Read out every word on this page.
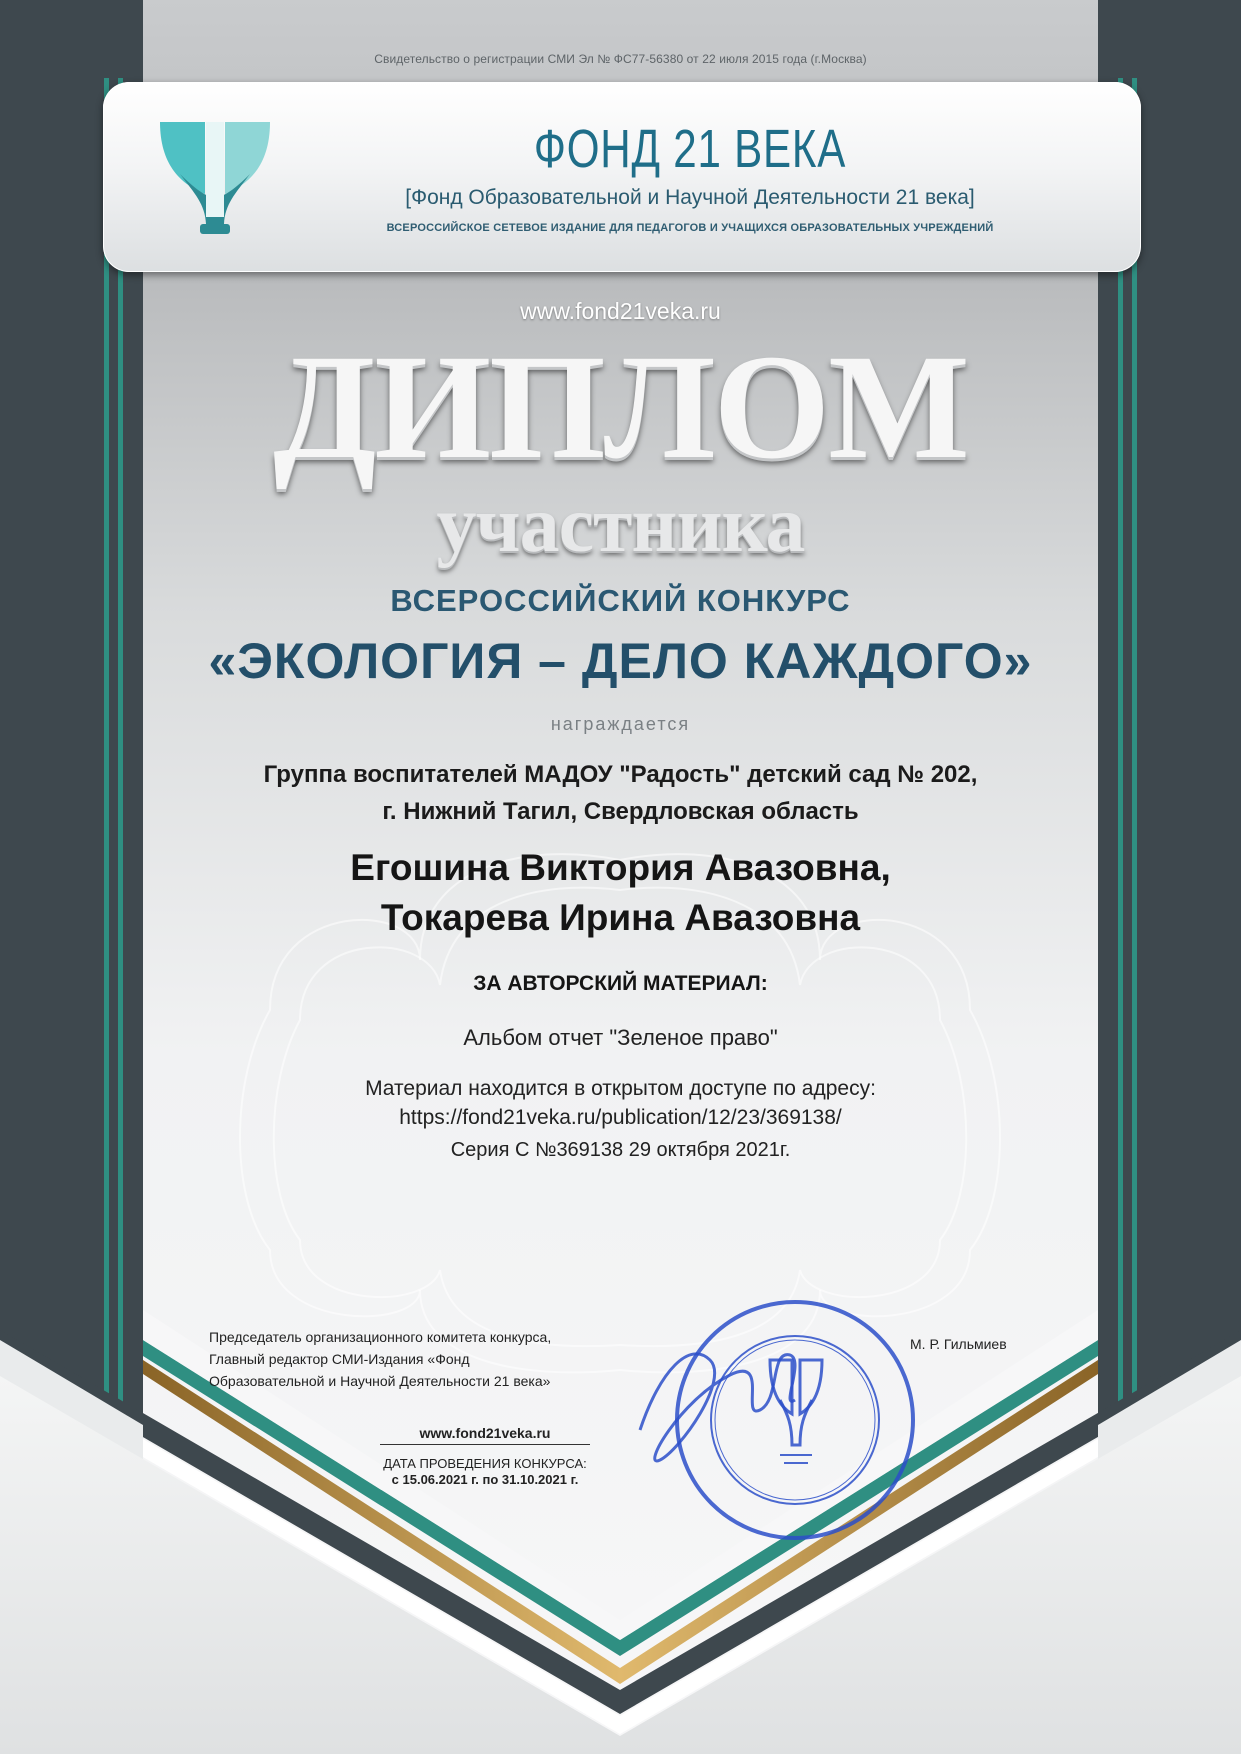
Свидетельство о регистрации СМИ Эл № ФС77-56380 от 22 июля 2015 года (г.Москва)
ФОНД 21 ВЕКА
[Фонд Образовательной и Научной Деятельности 21 века]
ВСЕРОССИЙСКОЕ СЕТЕВОЕ ИЗДАНИЕ ДЛЯ ПЕДАГОГОВ И УЧАЩИХСЯ ОБРАЗОВАТЕЛЬНЫХ УЧРЕЖДЕНИЙ
www.fond21veka.ru
ДИПЛОМ
участника
ВСЕРОССИЙСКИЙ КОНКУРС
«ЭКОЛОГИЯ – ДЕЛО КАЖДОГО»
награждается
Группа воспитателей МАДОУ "Радость" детский сад № 202,
г. Нижний Тагил, Свердловская область
Егошина Виктория Авазовна,
Токарева Ирина Авазовна
ЗА АВТОРСКИЙ МАТЕРИАЛ:
Альбом отчет "Зеленое право"
Материал находится в открытом доступе по адресу:
https://fond21veka.ru/publication/12/23/369138/
Серия С №369138 29 октября 2021г.
Председатель организационного комитета конкурса,
Главный редактор СМИ-Издания «Фонд
Образовательной и Научной Деятельности 21 века»
М. Р. Гильмиев
www.fond21veka.ru
ДАТА ПРОВЕДЕНИЯ КОНКУРСА:
с 15.06.2021 г. по 31.10.2021 г.
